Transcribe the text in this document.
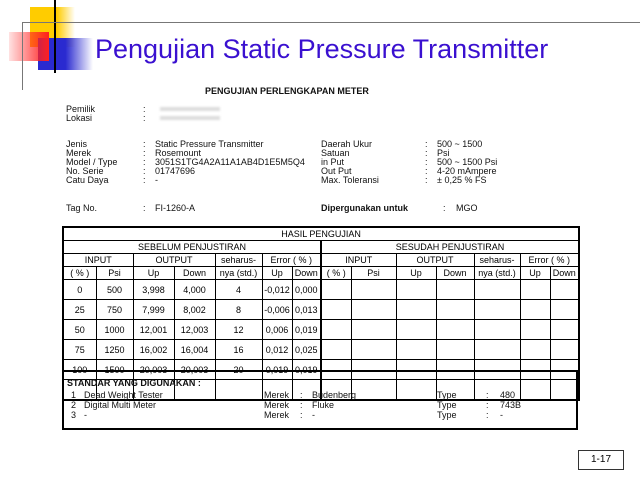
Pengujian Static Pressure Transmitter
PENGUJIAN PERLENGKAPAN METER
Pemilik	:
Lokasi	:
Jenis	: Static Pressure Transmitter
Merek	: Rosemount
Model / Type	: 3051S1TG4A2A11A1AB4D1E5M5Q4
No. Serie	: 01747696
Catu Daya	: -
Tag No.	: FI-1260-A
Daerah Ukur	: 500 ~ 1500
Satuan	: Psi
in Put	: 500 ~ 1500 Psi
Out Put	: 4-20 mAmpere
Max. Toleransi	: ± 0,25 % FS
Dipergunakan untuk	: MGO
HASIL PENGUJIAN													
SEBELUM PENJUSTIRAN							SESUDAH PENJUSTIRAN						
INPUT		OUTPUT		seharus-	Error ( % )		INPUT		OUTPUT		seharus-	Error ( % )	
( % )	Psi	Up	Down	nya (std.)	Up	Down	( % )	Psi	Up	Down	nya (std.)	Up	Down
0	500	3,998	4,000	4	-0,012	0,000							
25	750	7,999	8,002	8	-0,006	0,013							
50	1000	12,001	12,003	12	0,006	0,019							
75	1250	16,002	16,004	16	0,012	0,025							
100	1500	20,003	20,003	20	0,019	0,019							

STANDAR YANG DIGUNAKAN :
1 Dead Weight Tester	Merek : Budenberg	Type	: 480
2 Digital Multi Meter	Merek : Fluke	Type	: 743B
3 -	Merek : -	Type	: -
1-17
